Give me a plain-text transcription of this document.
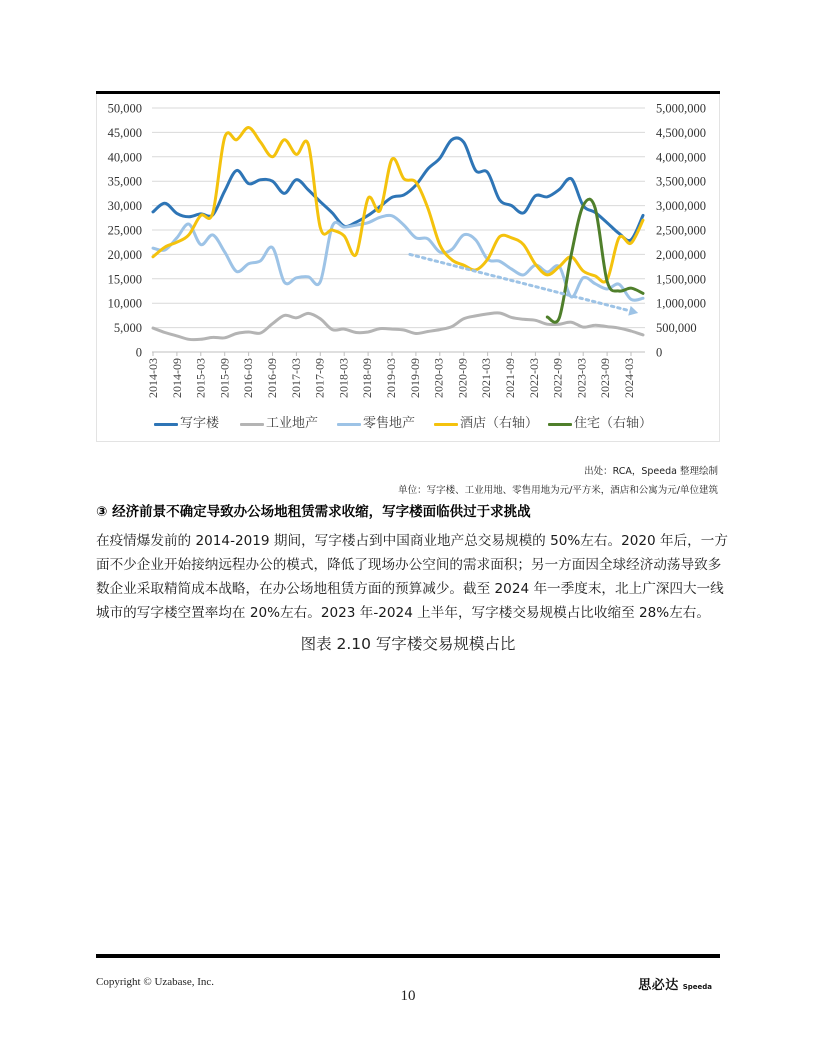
0
5,000
10,000
15,000
20,000
25,000
30,000
35,000
40,000
45,000
50,000
0
500,000
1,000,000
1,500,000
2,000,000
2,500,000
3,000,000
3,500,000
4,000,000
4,500,000
5,000,000
2014-03 2014-09 2015-03 2015-09 2016-03 2016-09 2017-03 2017-09 2018-03 2018-09 2019-03 2019-09 2020-03 2020-09 2021-03 2021-09 2022-03 2022-09 2023-03 2023-09 2024-03
写字楼	工业地产	零售地产	酒店（右轴）	住宅（右轴）
出处：RCA，Speeda 整理绘制
单位：写字楼、工业用地、零售用地为元/平方米，酒店和公寓为元/单位建筑
③ 经济前景不确定导致办公场地租赁需求收缩，写字楼面临供过于求挑战
在疫情爆发前的 2014-2019 期间，写字楼占到中国商业地产总交易规模的 50%左右。2020 年后，一方
面不少企业开始接纳远程办公的模式，降低了现场办公空间的需求面积；另一方面因全球经济动荡导致多
数企业采取精简成本战略，在办公场地租赁方面的预算减少。截至 2024 年一季度末，北上广深四大一线
城市的写字楼空置率均在 20%左右。2023 年-2024 上半年，写字楼交易规模占比收缩至 28%左右。
图表 2.10 写字楼交易规模占比
Copyright © Uzabase, Inc.
10
思必达 Speeda
